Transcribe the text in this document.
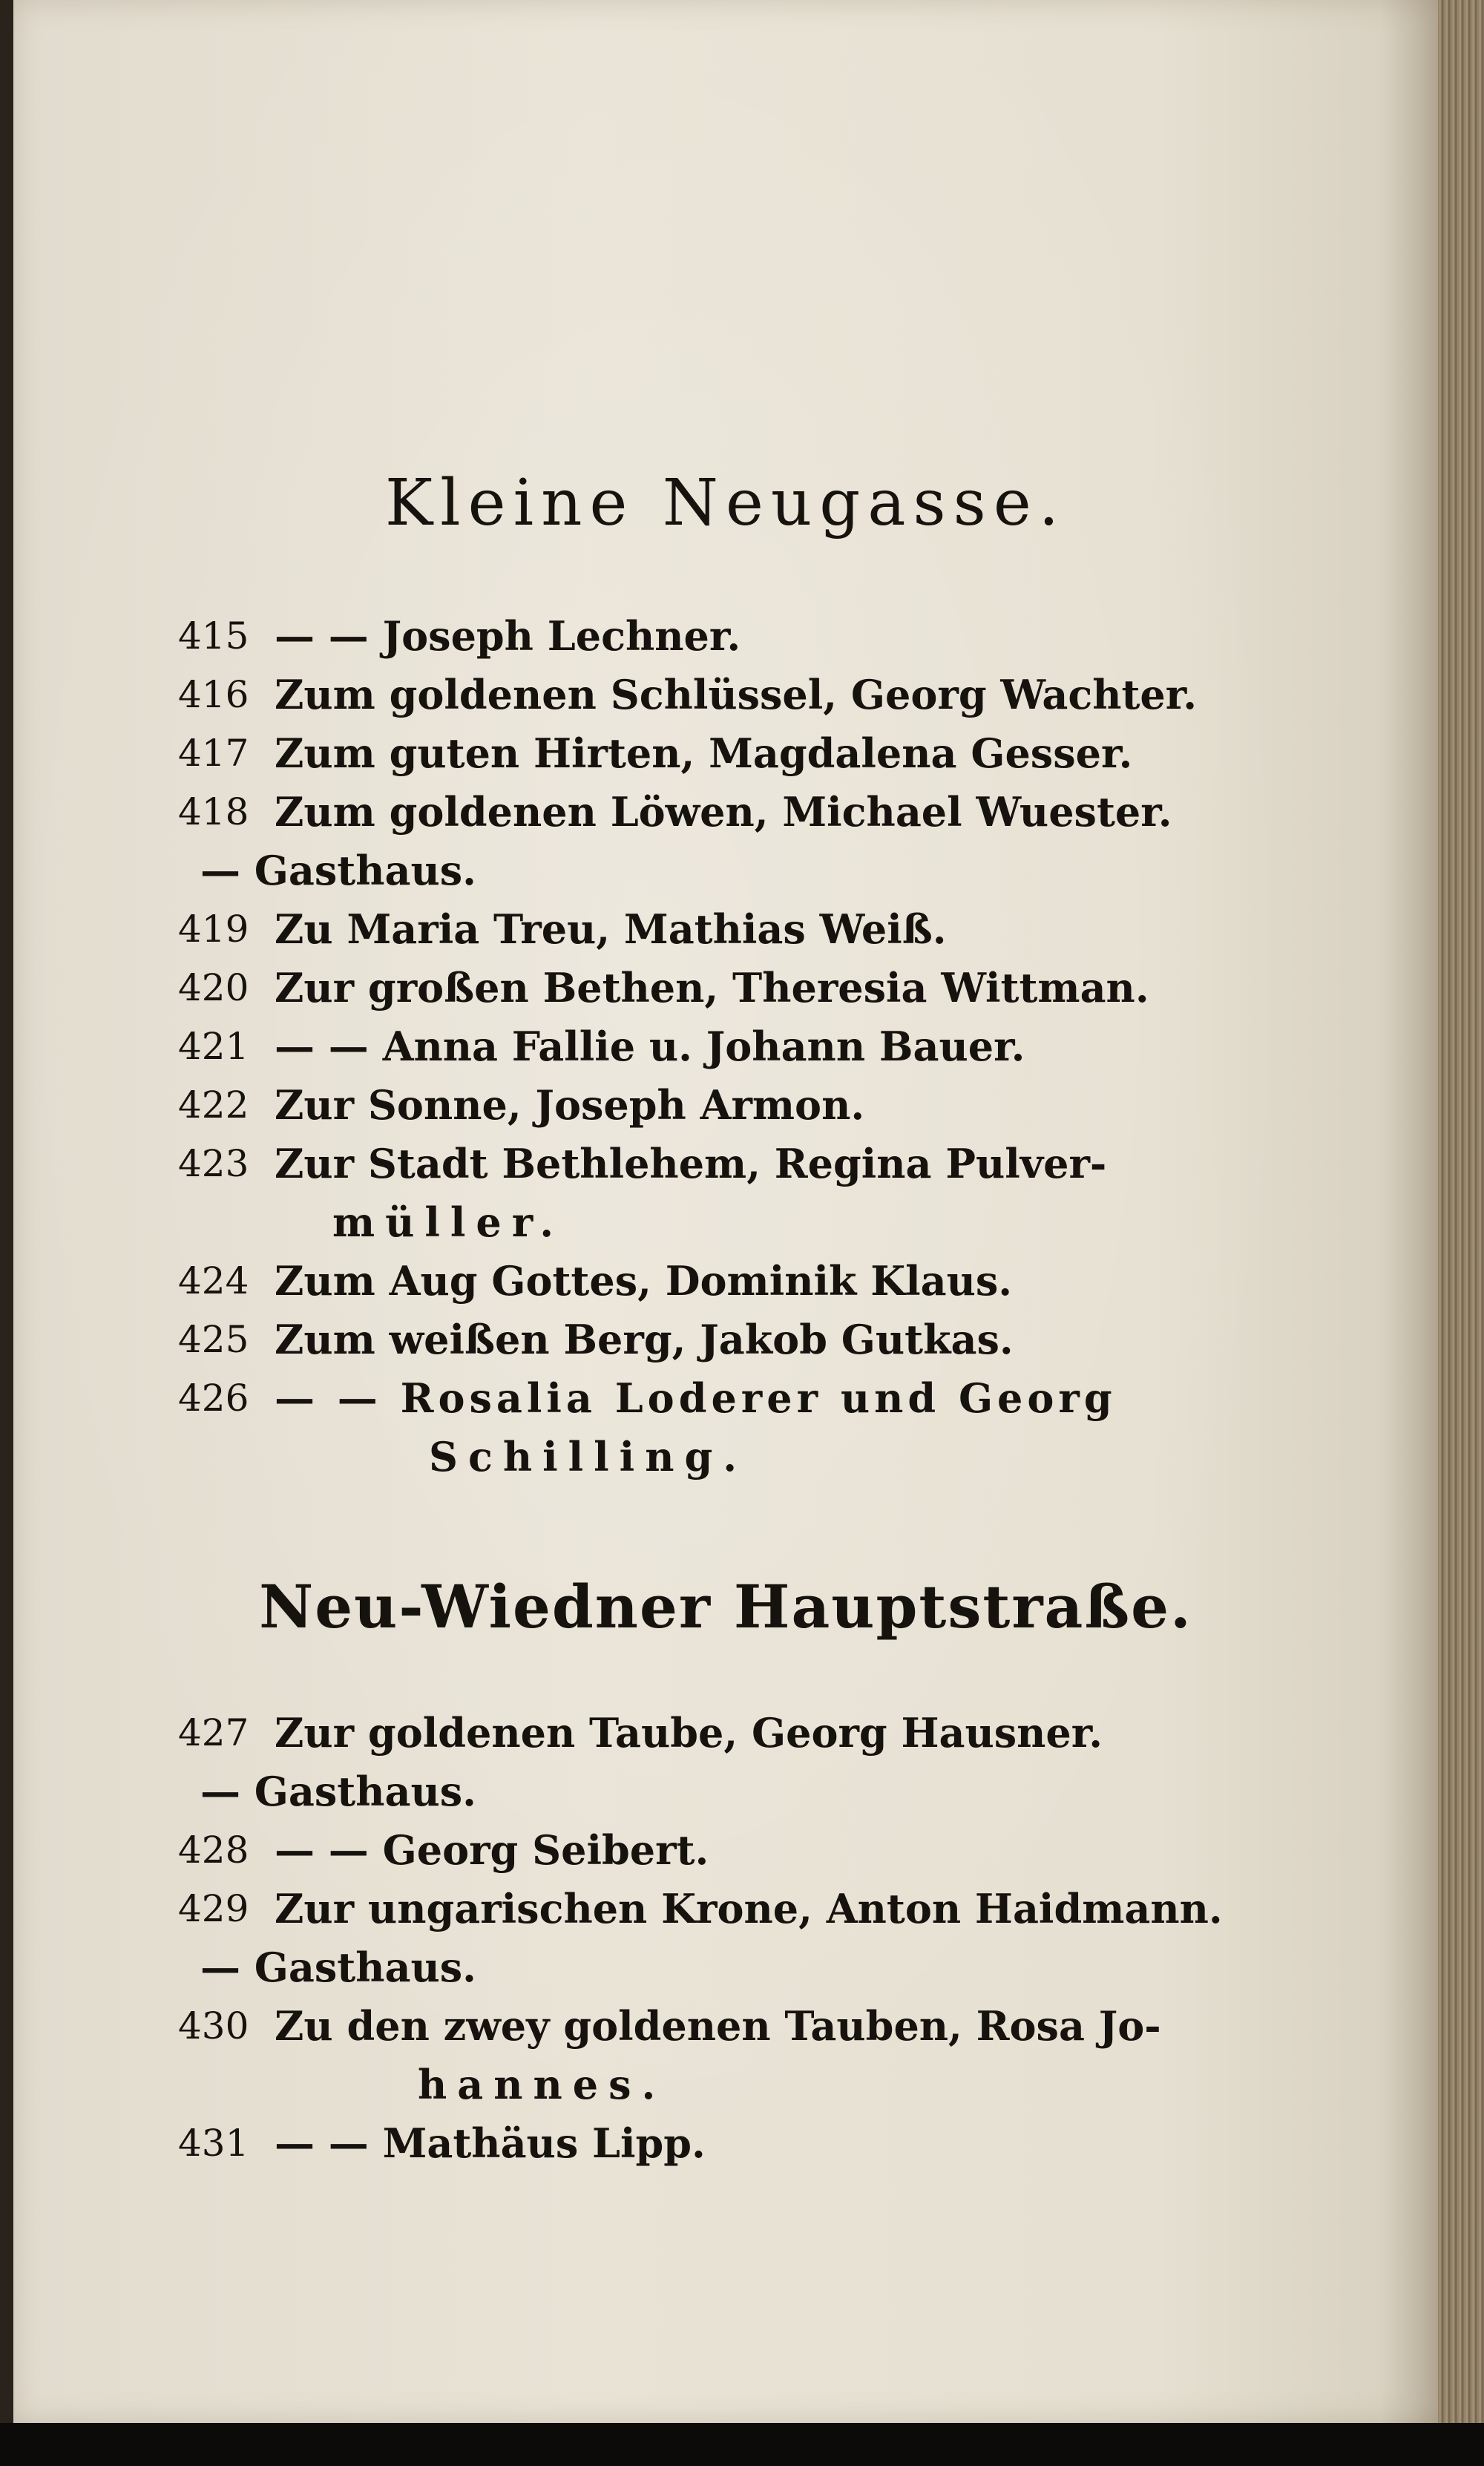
Kleine Neugasse.
415 — — Joseph Lechner.
416 Zum goldenen Schlüssel, Georg Wachter.
417 Zum guten Hirten, Magdalena Gesser.
418 Zum goldenen Löwen, Michael Wuester.
— Gasthaus.
419 Zu Maria Treu, Mathias Weiß.
420 Zur großen Bethen, Theresia Wittman.
421 — — Anna Fallie u. Johann Bauer.
422 Zur Sonne, Joseph Armon.
423 Zur Stadt Bethlehem, Regina Pulver-
müller.
424 Zum Aug Gottes, Dominik Klaus.
425 Zum weißen Berg, Jakob Gutkas.
426 — — Rosalia Loderer und Georg
Schilling.
Neu-Wiedner Hauptstraße.
427 Zur goldenen Taube, Georg Hausner.
— Gasthaus.
428 — — Georg Seibert.
429 Zur ungarischen Krone, Anton Haidmann.
— Gasthaus.
430 Zu den zwey goldenen Tauben, Rosa Jo-
hannes.
431 — — Mathäus Lipp.
